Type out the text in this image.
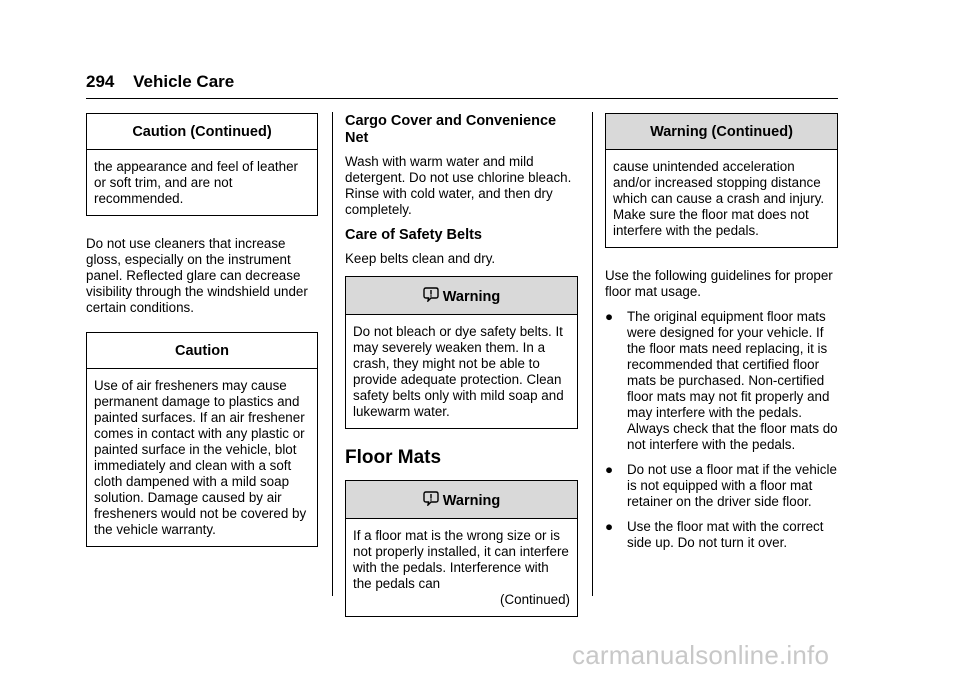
294 Vehicle Care
Caution (Continued)

the appearance and feel of leather or soft trim, and are not recommended.

Do not use cleaners that increase gloss, especially on the instrument panel. Reflected glare can decrease visibility through the windshield under certain conditions.

Caution

Use of air fresheners may cause permanent damage to plastics and painted surfaces. If an air freshener comes in contact with any plastic or painted surface in the vehicle, blot immediately and clean with a soft cloth dampened with a mild soap solution. Damage caused by air fresheners would not be covered by the vehicle warranty.

Cargo Cover and Convenience Net

Wash with warm water and mild detergent. Do not use chlorine bleach. Rinse with cold water, and then dry completely.

Care of Safety Belts

Keep belts clean and dry.

Warning

Do not bleach or dye safety belts. It may severely weaken them. In a crash, they might not be able to provide adequate protection. Clean safety belts only with mild soap and lukewarm water.

Floor Mats
Warning

If a floor mat is the wrong size or is not properly installed, it can interfere with the pedals. Interference with the pedals can

(Continued)

Warning (Continued)

cause unintended acceleration and/or increased stopping distance which can cause a crash and injury. Make sure the floor mat does not interfere with the pedals.

Use the following guidelines for proper floor mat usage.

● The original equipment floor mats were designed for your vehicle. If the floor mats need replacing, it is recommended that certified floor mats be purchased. Non-certified floor mats may not fit properly and may interfere with the pedals. Always check that the floor mats do not interfere with the pedals.
● Do not use a floor mat if the vehicle is not equipped with a floor mat retainer on the driver side floor.
● Use the floor mat with the correct side up. Do not turn it over.
carmanualsonline.info
